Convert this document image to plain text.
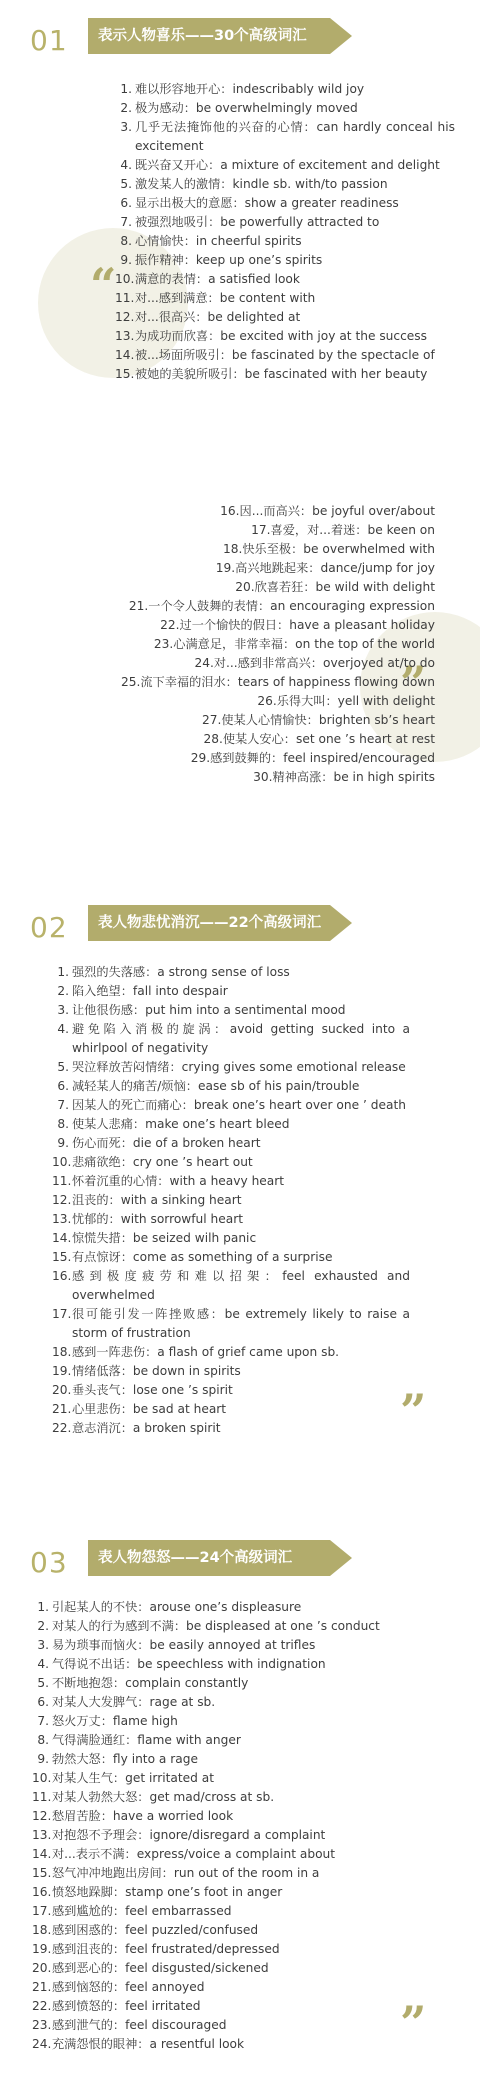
01	表示人物喜乐——30个高级词汇
“
1. 难以形容地开心：indescribably wild joy
2. 极为感动：be overwhelmingly moved
3. 几乎无法掩饰他的兴奋的心情：can hardly conceal his excitement
4. 既兴奋又开心：a mixture of excitement and delight
5. 激发某人的激情：kindle sb. with/to passion
6. 显示出极大的意愿：show a greater readiness
7. 被强烈地吸引：be powerfully attracted to
8. 心情愉快：in cheerful spirits
9. 振作精神：keep up one’s spirits
10. 满意的表情：a satisfied look
11. 对...感到满意：be content with
12. 对...很高兴：be delighted at
13. 为成功而欣喜：be excited with joy at the success
14. 被...场面所吸引：be fascinated by the spectacle of
15. 被她的美貌所吸引：be fascinated with her beauty
”
16.因...而高兴：be joyful over/about
17.喜爱，对...着迷：be keen on
18.快乐至极：be overwhelmed with
19.高兴地跳起来：dance/jump for joy
20.欣喜若狂：be wild with delight
21.一个令人鼓舞的表情：an encouraging expression
22.过一个愉快的假日：have a pleasant holiday
23.心满意足，非常幸福：on the top of the world
24.对...感到非常高兴：overjoyed at/to do
25.流下幸福的泪水：tears of happiness flowing down
26.乐得大叫：yell with delight
27.使某人心情愉快：brighten sb’s heart
28.使某人安心：set one ’s heart at rest
29.感到鼓舞的：feel inspired/encouraged
30.精神高涨：be in high spirits
02	表人物悲忧消沉——22个高级词汇
1. 强烈的失落感：a strong sense of loss
2. 陷入绝望：fall into despair
3. 让他很伤感：put him into a sentimental mood
4. 避免陷入消极的旋涡：avoid getting sucked into a whirlpool of negativity
5. 哭泣释放苦闷情绪：crying gives some emotional release
6. 减轻某人的痛苦/烦恼：ease sb of his pain/trouble
7. 因某人的死亡而痛心：break one’s heart over one ’ death
8. 使某人悲痛：make one’s heart bleed
9. 伤心而死：die of a broken heart
10. 悲痛欲绝：cry one ’s heart out
11. 怀着沉重的心情：with a heavy heart
12. 沮丧的：with a sinking heart
13. 忧郁的：with sorrowful heart
14. 惊慌失措：be seized wilh panic
15. 有点惊讶：come as something of a surprise
16. 感到极度疲劳和难以招架：feel exhausted and overwhelmed
17. 很可能引发一阵挫败感：be extremely likely to raise a storm of frustration
18. 感到一阵悲伤：a flash of grief came upon sb.
19. 情绪低落：be down in spirits
20. 垂头丧气：lose one ’s spirit
21. 心里悲伤：be sad at heart
22. 意志消沉：a broken spirit	”
03	表人物怨怒——24个高级词汇
1. 引起某人的不快：arouse one’s displeasure
2. 对某人的行为感到不满：be displeased at one ’s conduct
3. 易为琐事而恼火：be easily annoyed at trifles
4. 气得说不出话：be speechless with indignation
5. 不断地抱怨：complain constantly
6. 对某人大发脾气：rage at sb.
7. 怒火万丈：flame high
8. 气得满脸通红：flame with anger
9. 勃然大怒：fly into a rage
10. 对某人生气：get irritated at
11. 对某人勃然大怒：get mad/cross at sb.
12. 愁眉苦脸：have a worried look
13. 对抱怨不予理会：ignore/disregard a complaint
14. 对...表示不满：express/voice a complaint about
15. 怒气冲冲地跑出房间：run out of the room in a
16. 愤怒地跺脚：stamp one’s foot in anger
17. 感到尴尬的：feel embarrassed
18. 感到困惑的：feel puzzled/confused
19. 感到沮丧的：feel frustrated/depressed
20. 感到恶心的：feel disgusted/sickened
21. 感到恼怒的：feel annoyed
22. 感到愤怒的：feel irritated
23. 感到泄气的：feel discouraged
24. 充满怨恨的眼神：a resentful look	”
